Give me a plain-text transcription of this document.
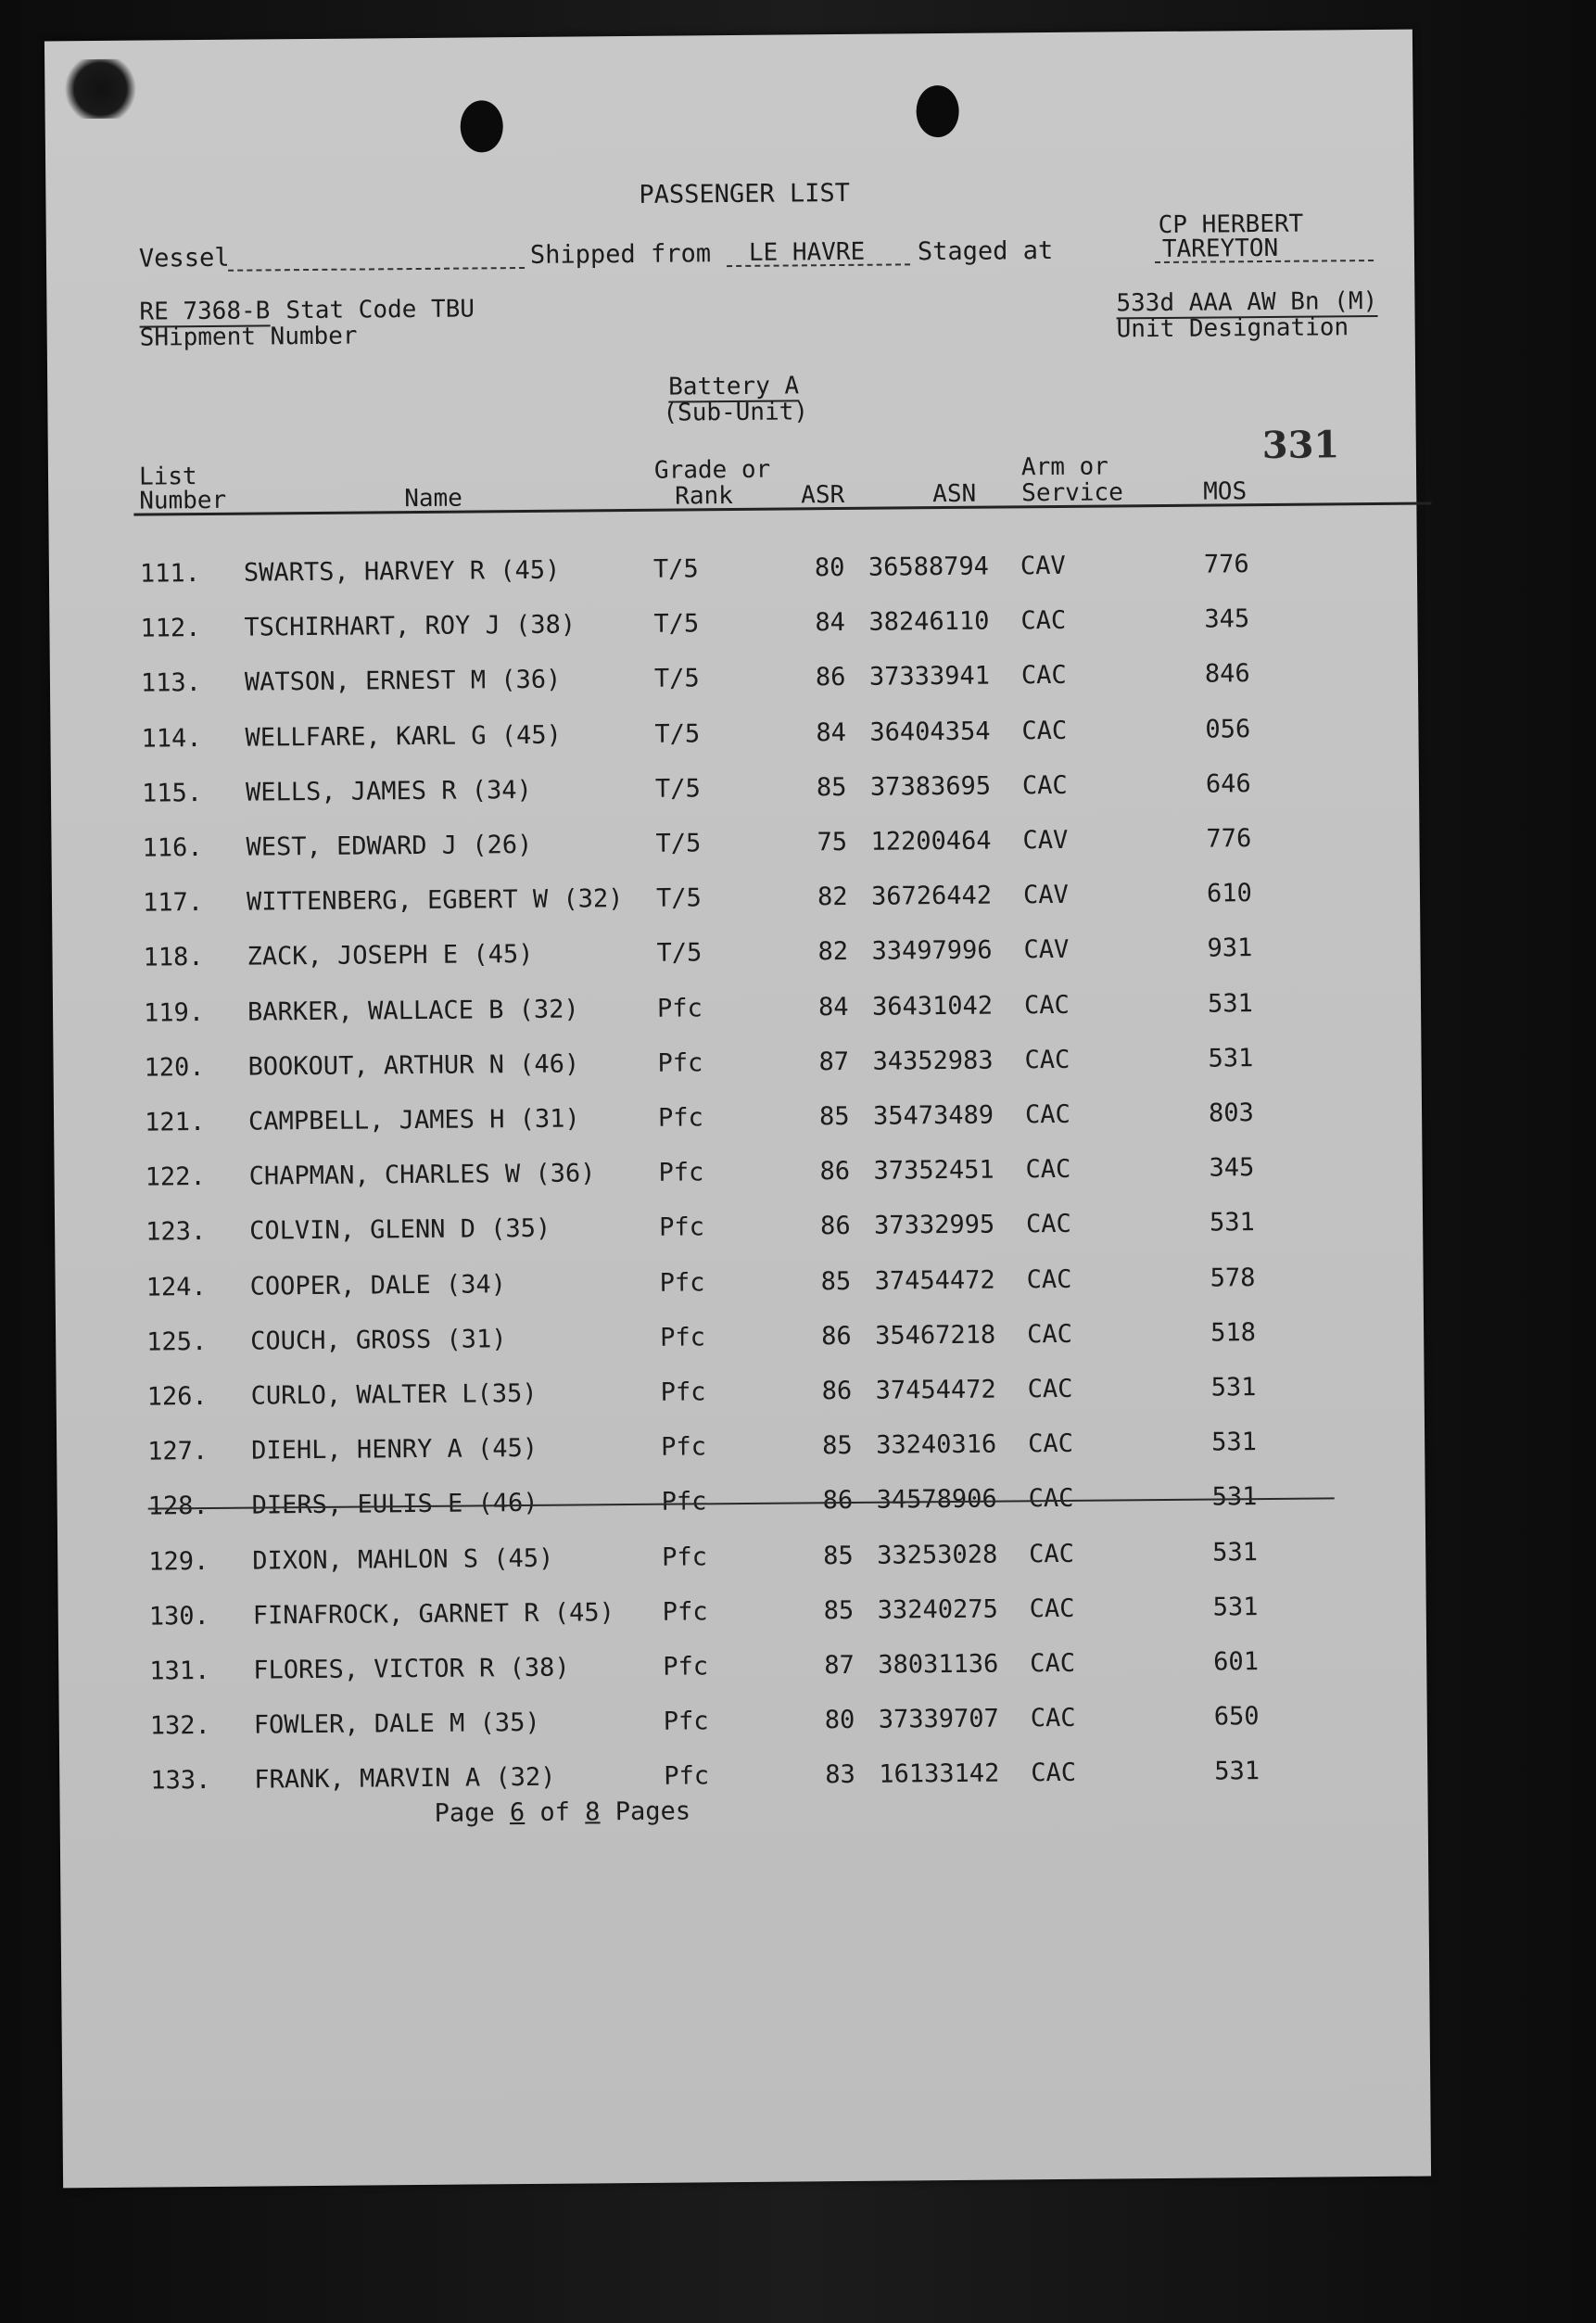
PASSENGER LIST
Vessel	Shipped from LE HAVRE Staged at
CP HERBERT
TAREYTON
RE 7368-B Stat Code TBU
SHipment Number
533d AAA AW Bn (M)
Unit Designation
Battery A
(Sub-Unit)
331
List
Number	Name
Grade or
Rank	ASR	ASN
Arm or
Service	MOS
111. SWARTS, HARVEY R (45)	T/5	80 36588794 CAV	776
112. TSCHIRHART, ROY J (38)	T/5	84 38246110 CAC	345
113. WATSON, ERNEST M (36)	T/5	86 37333941 CAC	846
114. WELLFARE, KARL G (45)	T/5	84 36404354 CAC	056
115. WELLS, JAMES R (34)	T/5	85 37383695 CAC	646
116. WEST, EDWARD J (26)	T/5	75 12200464 CAV	776
117. WITTENBERG, EGBERT W (32) T/5	82 36726442 CAV	610
118. ZACK, JOSEPH E (45)	T/5	82 33497996 CAV	931
119. BARKER, WALLACE B (32)	Pfc	84 36431042 CAC	531
120. BOOKOUT, ARTHUR N (46)	Pfc	87 34352983 CAC	531
121. CAMPBELL, JAMES H (31)	Pfc	85 35473489 CAC	803
122. CHAPMAN, CHARLES W (36)	Pfc	86 37352451 CAC	345
123. COLVIN, GLENN D (35)	Pfc	86 37332995 CAC	531
124. COOPER, DALE (34)	Pfc	85 37454472 CAC	578
125. COUCH, GROSS (31)	Pfc	86 35467218 CAC	518
126. CURLO, WALTER L(35)	Pfc	86 37454472 CAC	531
127. DIEHL, HENRY A (45)	Pfc	85 33240316 CAC	531
128. DIERS, EULIS E (46)	Pfc	86 34578906 CAC	531
129. DIXON, MAHLON S (45)	Pfc	85 33253028 CAC	531
130. FINAFROCK, GARNET R (45) Pfc	85 33240275 CAC	531
131. FLORES, VICTOR R (38)	Pfc	87 38031136 CAC	601
132. FOWLER, DALE M (35)	Pfc	80 37339707 CAC	650
133. FRANK, MARVIN A (32)	Pfc	83 16133142 CAC	531
Page 6 of 8 Pages
